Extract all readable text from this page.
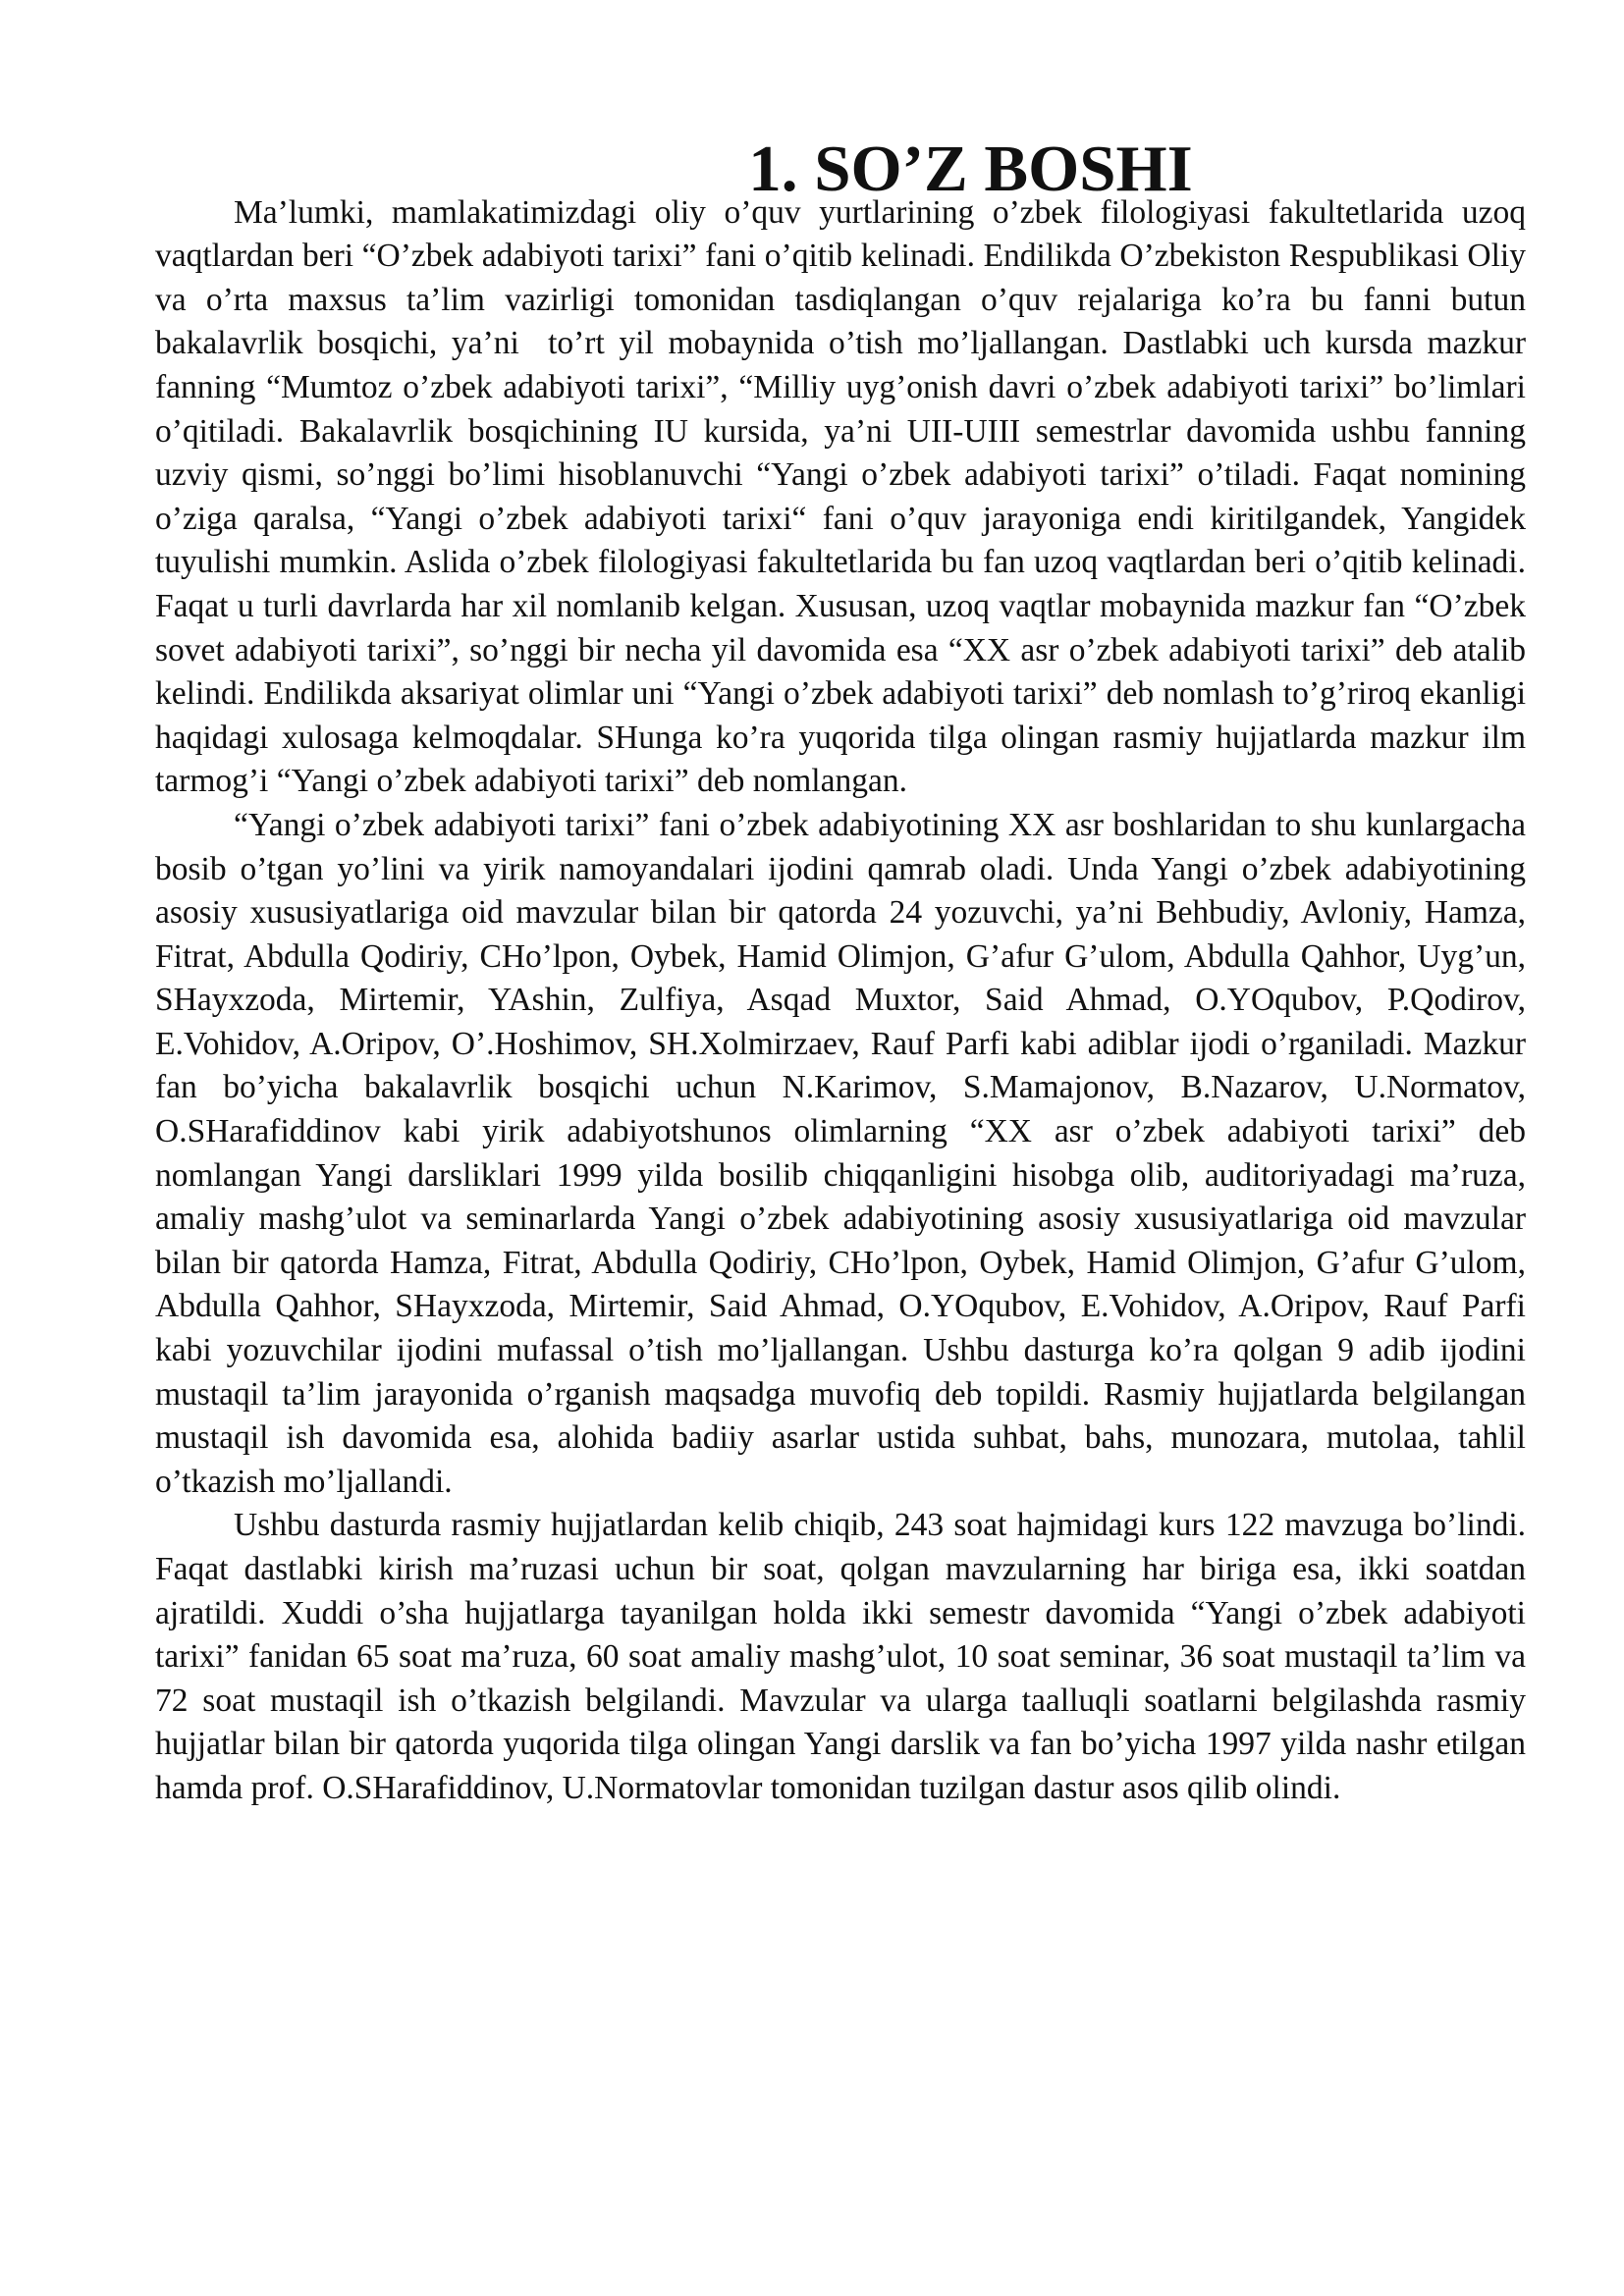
1. SO’Z BOSHI

Ma’lumki, mamlakatimizdagi oliy o’quv yurtlarining o’zbek filologiyasi fakultetlarida uzoq vaqtlardan beri “O’zbek adabiyoti tarixi” fani o’qitib kelinadi. Endilikda O’zbekiston Respublikasi Oliy     va o’rta maxsus ta’lim vazirligi tomonidan tasdiqlangan o’quv rejalariga ko’ra bu fanni butun bakalavrlik bosqichi, ya’ni  to’rt yil mobaynida o’tish mo’ljallangan. Dastlabki uch kursda mazkur fanning “Mumtoz o’zbek adabiyoti tarixi”, “Milliy uyg’onish davri o’zbek adabiyoti tarixi” bo’limlari o’qitiladi. Bakalavrlik bosqichining IU kursida, ya’ni UII-UIII semestrlar davomida ushbu fanning uzviy qismi, so’nggi bo’limi hisoblanuvchi “Yangi o’zbek adabiyoti tarixi” o’tiladi. Faqat nomining o’ziga qaralsa, “Yangi o’zbek adabiyoti tarixi“ fani o’quv jarayoniga endi kiritilgandek, Yangidek tuyulishi mumkin. Aslida o’zbek filologiyasi fakultetlarida bu fan uzoq vaqtlardan beri o’qitib kelinadi. Faqat u turli davrlarda har xil nomlanib kelgan. Xususan, uzoq vaqtlar mobaynida mazkur fan “O’zbek sovet adabiyoti tarixi”, so’nggi bir necha yil davomida esa “XX asr o’zbek adabiyoti tarixi” deb atalib kelindi. Endilikda aksariyat olimlar uni “Yangi o’zbek adabiyoti tarixi” deb nomlash to’g’riroq ekanligi haqidagi xulosaga kelmoqdalar. SHunga ko’ra yuqorida tilga olingan rasmiy hujjatlarda mazkur ilm tarmog’i “Yangi o’zbek adabiyoti tarixi” deb nomlangan.

“Yangi o’zbek adabiyoti tarixi” fani o’zbek adabiyotining XX asr boshlaridan to shu kunlargacha bosib o’tgan yo’lini va yirik namoyandalari ijodini qamrab oladi. Unda Yangi o’zbek adabiyotining asosiy xususiyatlariga oid mavzular bilan bir qatorda 24 yozuvchi, ya’ni Behbudiy, Avloniy, Hamza, Fitrat, Abdulla Qodiriy, CHo’lpon, Oybek, Hamid Olimjon, G’afur G’ulom, Abdulla Qahhor, Uyg’un, SHayxzoda, Mirtemir, YAshin, Zulfiya, Asqad Muxtor, Said Ahmad, O.YOqubov, P.Qodirov, E.Vohidov, A.Oripov, O’.Hoshimov, SH.Xolmirzaev, Rauf Parfi kabi adiblar ijodi o’rganiladi. Mazkur fan bo’yicha bakalavrlik bosqichi uchun N.Karimov, S.Mamajonov, B.Nazarov, U.Normatov, O.SHarafiddinov kabi yirik adabiyotshunos olimlarning “XX asr o’zbek adabiyoti tarixi” deb nomlangan Yangi darsliklari 1999 yilda bosilib chiqqanligini hisobga olib, auditoriyadagi ma’ruza, amaliy mashg’ulot va seminarlarda Yangi o’zbek adabiyotining asosiy xususiyatlariga oid mavzular bilan bir qatorda Hamza, Fitrat, Abdulla Qodiriy, CHo’lpon, Oybek, Hamid Olimjon, G’afur G’ulom, Abdulla Qahhor, SHayxzoda, Mirtemir, Said Ahmad, O.YOqubov, E.Vohidov, A.Oripov, Rauf Parfi kabi yozuvchilar ijodini mufassal o’tish mo’ljallangan. Ushbu dasturga ko’ra qolgan 9 adib ijodini mustaqil ta’lim jarayonida o’rganish maqsadga muvofiq deb topildi. Rasmiy hujjatlarda belgilangan mustaqil ish davomida esa, alohida badiiy asarlar ustida suhbat, bahs, munozara, mutolaa, tahlil o’tkazish mo’ljallandi.

Ushbu dasturda rasmiy hujjatlardan kelib chiqib, 243 soat hajmidagi kurs 122 mavzuga bo’lindi. Faqat dastlabki kirish ma’ruzasi uchun bir soat, qolgan mavzularning har biriga esa, ikki soatdan ajratildi. Xuddi o’sha hujjatlarga tayanilgan holda ikki semestr davomida “Yangi o’zbek adabiyoti tarixi” fanidan 65 soat ma’ruza, 60 soat amaliy mashg’ulot, 10 soat seminar, 36 soat mustaqil ta’lim va 72 soat mustaqil ish o’tkazish belgilandi. Mavzular va ularga taalluqli soatlarni belgilashda rasmiy hujjatlar bilan bir qatorda yuqorida tilga olingan Yangi darslik va fan bo’yicha 1997 yilda nashr etilgan hamda prof. O.SHarafiddinov, U.Normatovlar tomonidan tuzilgan dastur asos qilib olindi.
